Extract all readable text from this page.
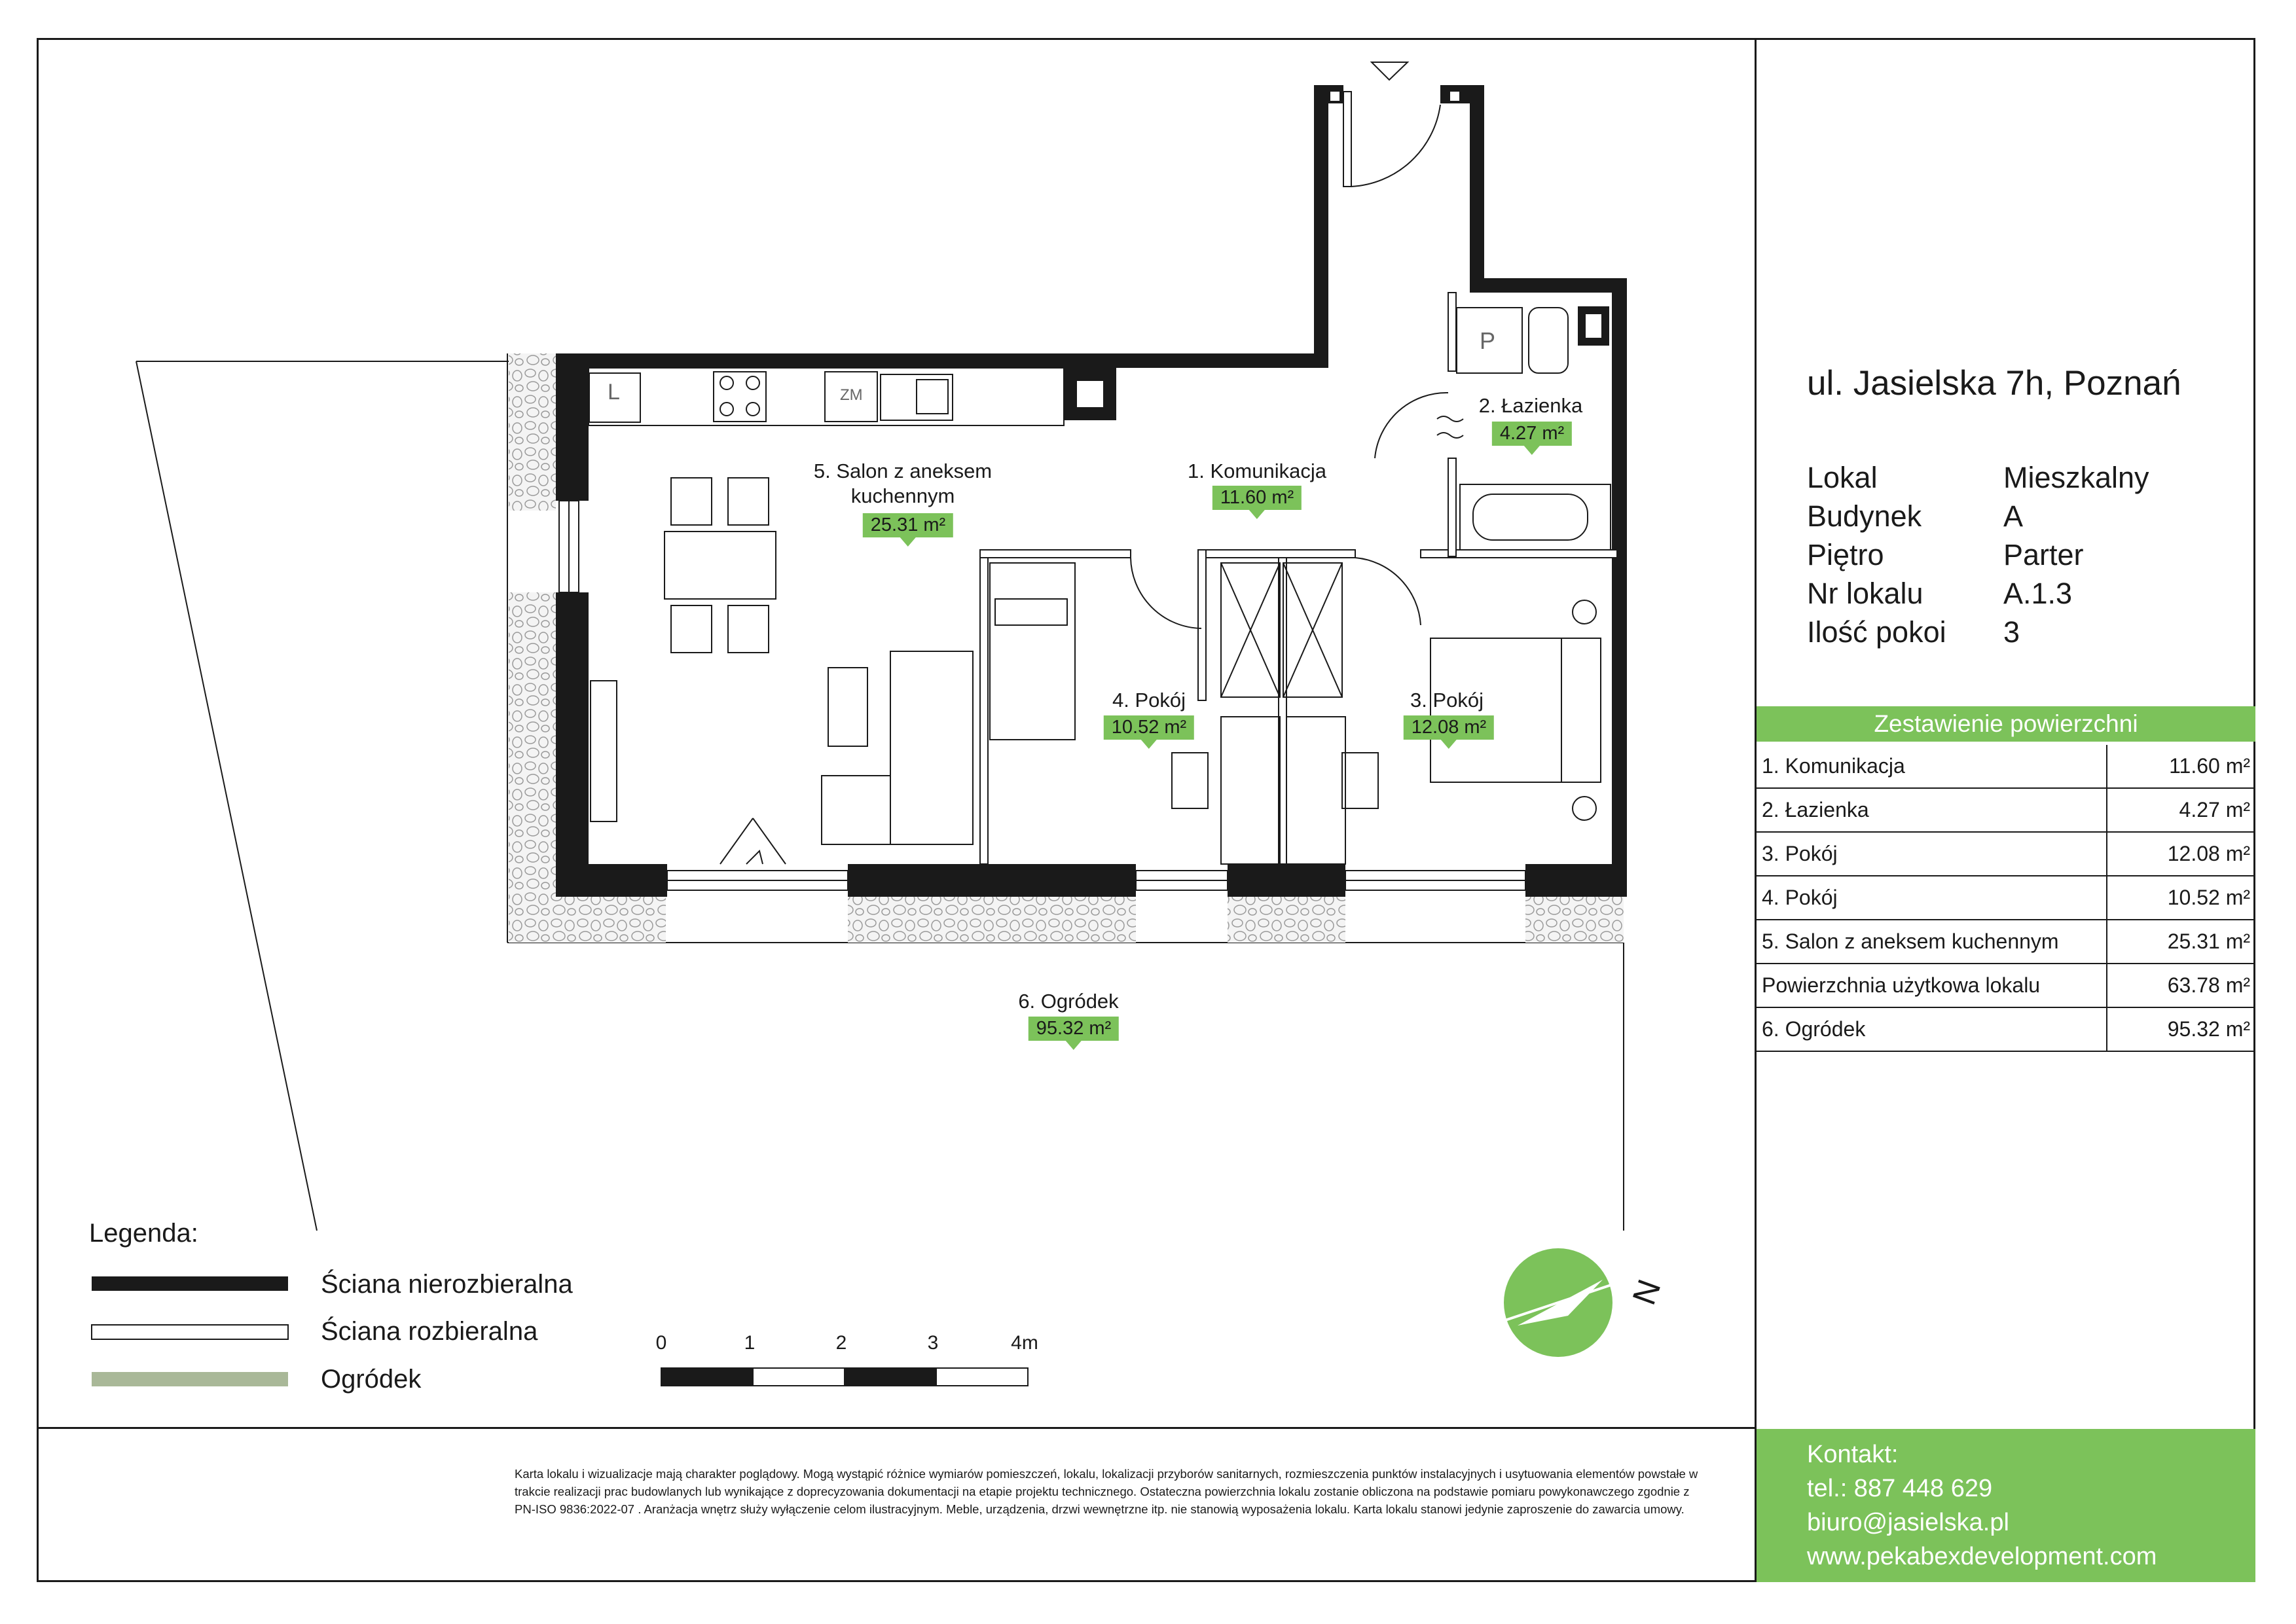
5. Salon z aneksem
kuchennym
25.31 m²
1. Komunikacja
11.60 m²
2. Łazienka
4.27 m²
4. Pokój
10.52 m²
3. Pokój
12.08 m²
6. Ogródek
95.32 m²
L	ZM
P
N
Legenda:
Ściana nierozbieralna
Ściana rozbieralna
Ogródek
0	1	2	3	4m
ul. Jasielska 7h, Poznań
Lokal	Mieszkalny
Budynek	A
Piętro	Parter
Nr lokalu	A.1.3
Ilość pokoi	3
Zestawienie powierzchni
1. Komunikacja	11.60 m²
2. Łazienka	4.27 m²
3. Pokój	12.08 m²
4. Pokój	10.52 m²
5. Salon z aneksem kuchennym	25.31 m²
Powierzchnia użytkowa lokalu	63.78 m²
6. Ogródek	95.32 m²
Karta lokalu i wizualizacje mają charakter poglądowy. Mogą wystąpić różnice wymiarów pomieszczeń, lokalu, lokalizacji przyborów sanitarnych, rozmieszczenia punktów instalacyjnych i usytuowania elementów powstałe w trakcie realizacji prac budowlanych lub wynikające z doprecyzowania dokumentacji na etapie projektu technicznego. Ostateczna powierzchnia lokalu zostanie obliczona na podstawie pomiaru powykonawczego zgodnie z PN-ISO 9836:2022-07 . Aranżacja wnętrz służy wyłączenie celom ilustracyjnym. Meble, urządzenia, drzwi wewnętrzne itp. nie stanowią wyposażenia lokalu. Karta lokalu stanowi jedynie zaproszenie do zawarcia umowy.
Kontakt:
tel.: 887 448 629
biuro@jasielska.pl
www.pekabexdevelopment.com
